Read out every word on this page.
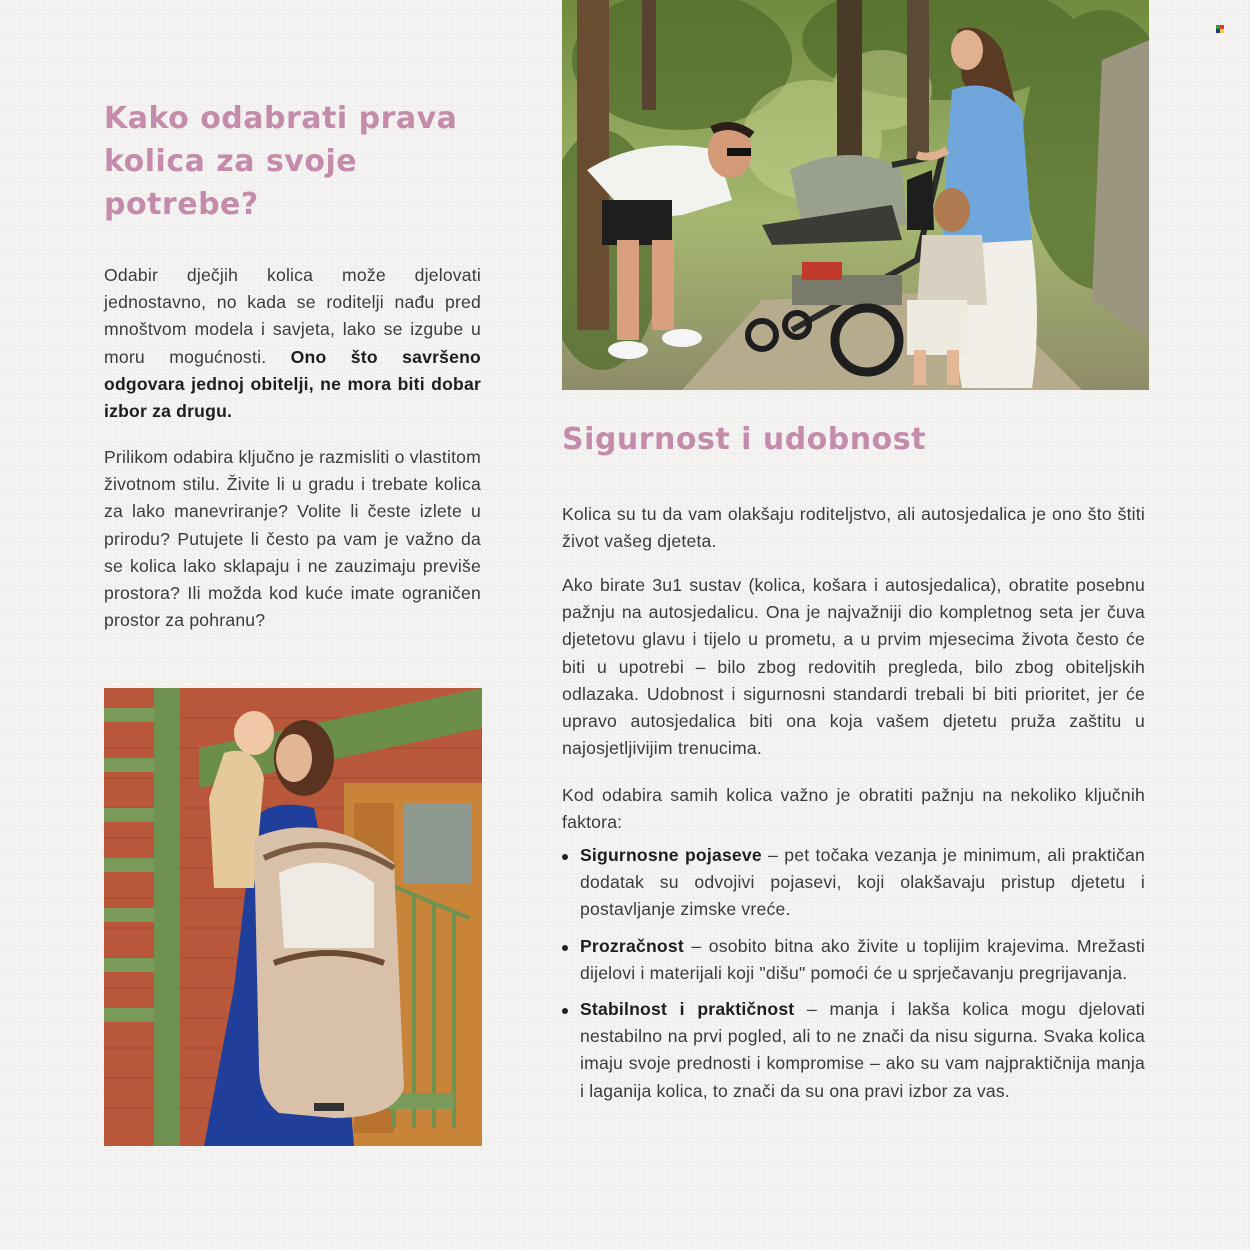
Kako odabrati prava kolica za svoje potrebe?

Odabir dječjih kolica može djelovati jednostavno, no kada se roditelji nađu pred mnoštvom modela i savjeta, lako se izgube u moru mogućnosti. Ono što savršeno odgovara jednoj obitelji, ne mora biti dobar izbor za drugu.

Prilikom odabira ključno je razmisliti o vlastitom životnom stilu. Živite li u gradu i trebate kolica za lako manevriranje? Volite li česte izlete u prirodu? Putujete li često pa vam je važno da se kolica lako sklapaju i ne zauzimaju previše prostora? Ili možda kod kuće imate ograničen prostor za pohranu?

Sigurnost i udobnost

Kolica su tu da vam olakšaju roditeljstvo, ali autosjedalica je ono što štiti život vašeg djeteta.

Ako birate 3u1 sustav (kolica, košara i autosjedalica), obratite posebnu pažnju na autosjedalicu. Ona je najvažniji dio kompletnog seta jer čuva djetetovu glavu i tijelo u prometu, a u prvim mjesecima života često će biti u upotrebi – bilo zbog redovitih pregleda, bilo zbog obiteljskih odlazaka. Udobnost i sigurnosni standardi trebali bi biti prioritet, jer će upravo autosjedalica biti ona koja vašem djetetu pruža zaštitu u najosjetljivijim trenucima.

Kod odabira samih kolica važno je obratiti pažnju na nekoliko ključnih faktora:

Sigurnosne pojaseve – pet točaka vezanja je minimum, ali praktičan dodatak su odvojivi pojasevi, koji olakšavaju pristup djetetu i postavljanje zimske vreće.
Prozračnost – osobito bitna ako živite u toplijim krajevima. Mrežasti dijelovi i materijali koji "dišu" pomoći će u sprječavanju pregrijavanja.
Stabilnost i praktičnost – manja i lakša kolica mogu djelovati nestabilno na prvi pogled, ali to ne znači da nisu sigurna. Svaka kolica imaju svoje prednosti i kompromise – ako su vam najpraktičnija manja i laganija kolica, to znači da su ona pravi izbor za vas.
